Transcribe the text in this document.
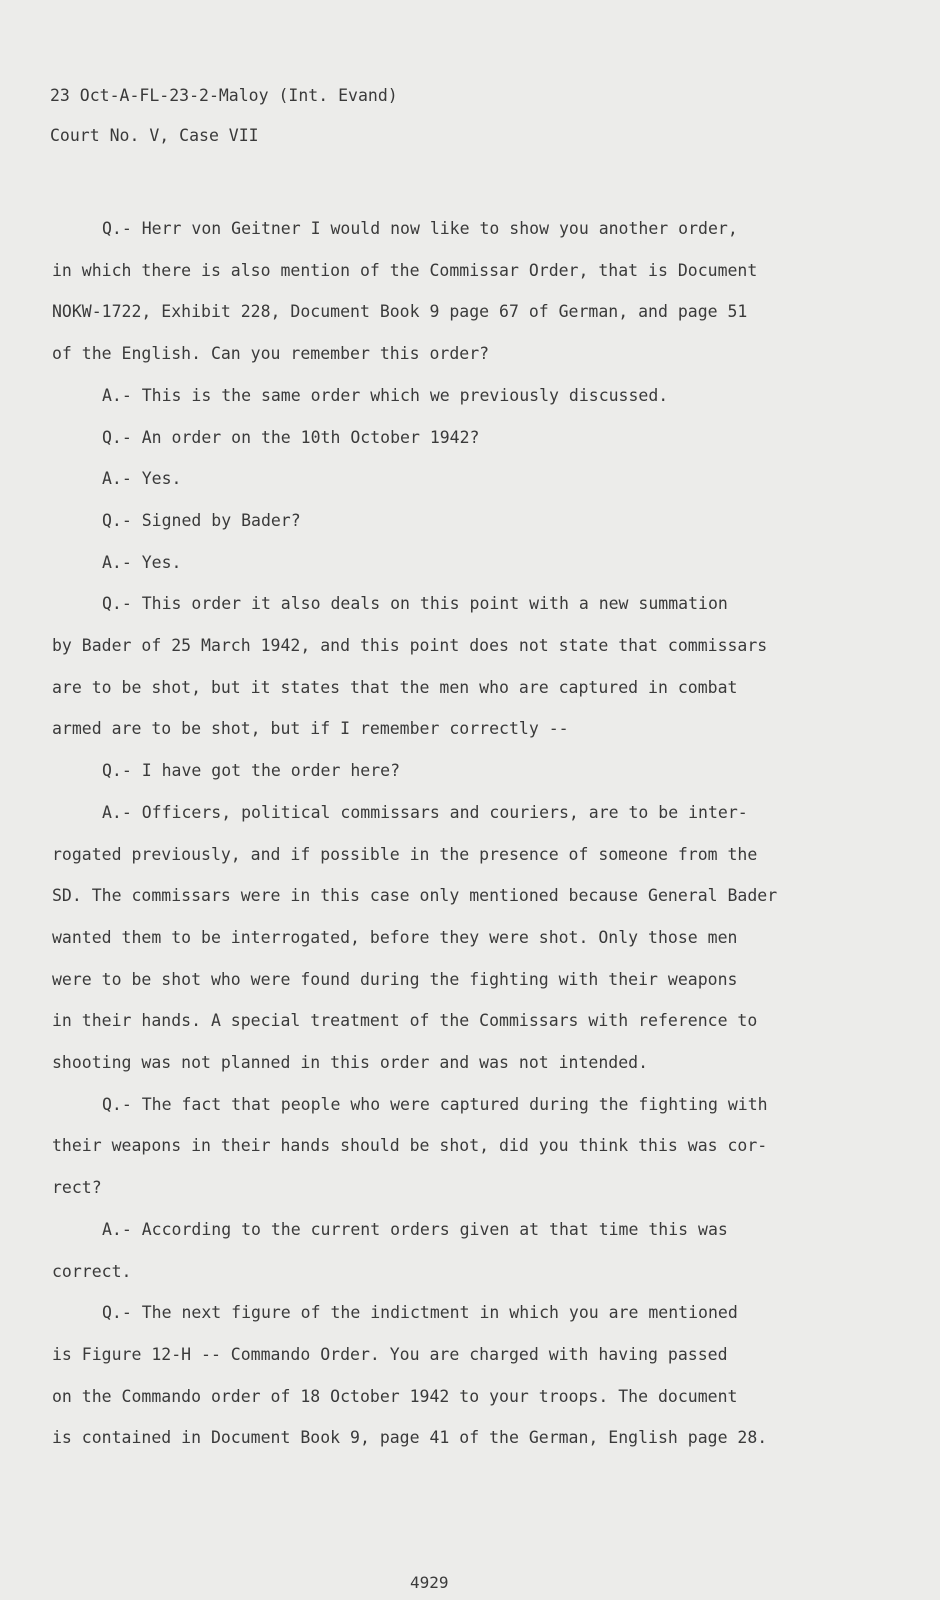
23 Oct-A-FL-23-2-Maloy (Int. Evand)
Court No. V, Case VII
Q.- Herr von Geitner I would now like to show you another order,
in which there is also mention of the Commissar Order, that is Document
NOKW-1722, Exhibit 228, Document Book 9 page 67 of German, and page 51
of the English. Can you remember this order?
A.- This is the same order which we previously discussed.
Q.- An order on the 10th October 1942?
A.- Yes.
Q.- Signed by Bader?
A.- Yes.
Q.- This order it also deals on this point with a new summation
by Bader of 25 March 1942, and this point does not state that commissars
are to be shot, but it states that the men who are captured in combat
armed are to be shot, but if I remember correctly --
Q.- I have got the order here?
A.- Officers, political commissars and couriers, are to be inter-
rogated previously, and if possible in the presence of someone from the
SD. The commissars were in this case only mentioned because General Bader
wanted them to be interrogated, before they were shot. Only those men
were to be shot who were found during the fighting with their weapons
in their hands. A special treatment of the Commissars with reference to
shooting was not planned in this order and was not intended.
Q.- The fact that people who were captured during the fighting with
their weapons in their hands should be shot, did you think this was cor-
rect?
A.- According to the current orders given at that time this was
correct.
Q.- The next figure of the indictment in which you are mentioned
is Figure 12-H -- Commando Order. You are charged with having passed
on the Commando order of 18 October 1942 to your troops. The document
is contained in Document Book 9, page 41 of the German, English page 28.
4929
